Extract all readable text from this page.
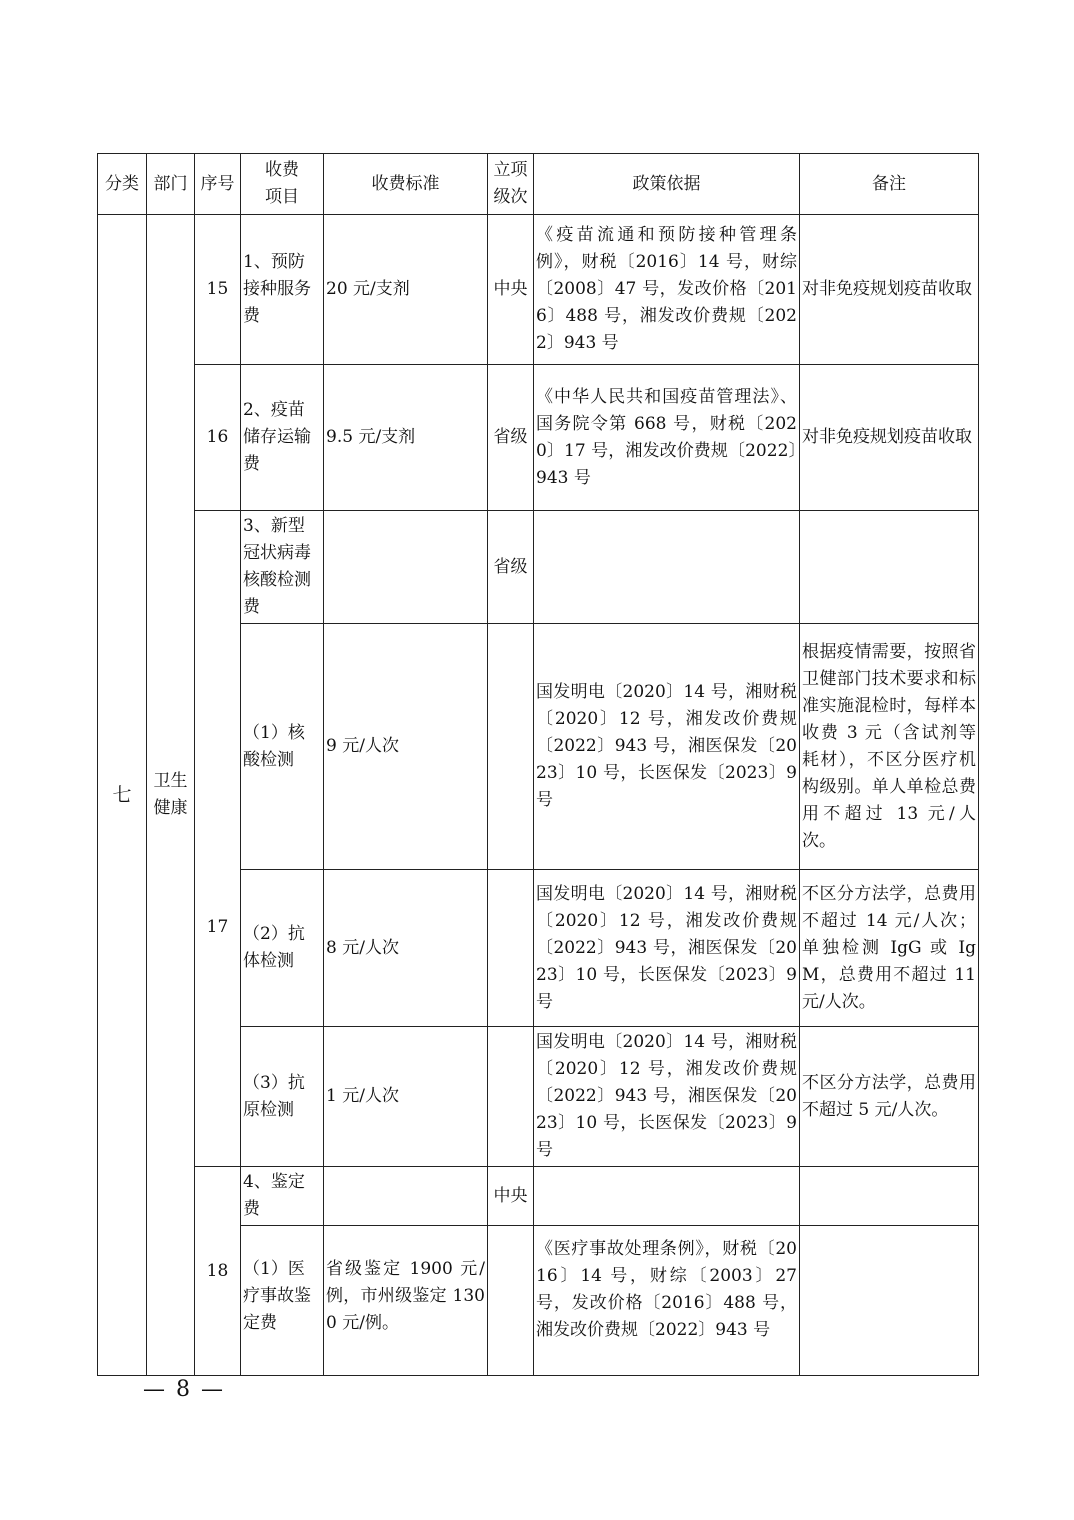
分类	部门	序号	收费项目	收费标准	立项级次	政策依据	备注
七	卫生健康	15	1、预防接种服务费	20 元/支剂	中央	《疫苗流通和预防接种管理条例》，财税〔2016〕14 号，财综〔2008〕47 号，发改价格〔2016〕488 号，湘发改价费规〔2022〕943 号	对非免疫规划疫苗收取
		16	2、疫苗储存运输费	9.5 元/支剂	省级	《中华人民共和国疫苗管理法》、国务院令第 668 号，财税〔2020〕17 号，湘发改价费规〔2022〕943 号	对非免疫规划疫苗收取
		17	3、新型冠状病毒核酸检测费		省级		
			（1）核酸检测	9 元/人次		国发明电〔2020〕14 号，湘财税〔2020〕12 号，湘发改价费规〔2022〕943 号，湘医保发〔2023〕10 号，长医保发〔2023〕9 号	根据疫情需要，按照省卫健部门技术要求和标准实施混检时，每样本收费 3 元（含试剂等耗材），不区分医疗机构级别。单人单检总费用不超过 13 元/人次。
			（2）抗体检测	8 元/人次		国发明电〔2020〕14 号，湘财税〔2020〕12 号，湘发改价费规〔2022〕943 号，湘医保发〔2023〕10 号，长医保发〔2023〕9 号	不区分方法学，总费用不超过 14 元/人次；单独检测 IgG 或 IgM，总费用不超过 11 元/人次。
			（3）抗原检测	1 元/人次		国发明电〔2020〕14 号，湘财税〔2020〕12 号，湘发改价费规〔2022〕943 号，湘医保发〔2023〕10 号，长医保发〔2023〕9 号	不区分方法学，总费用不超过 5 元/人次。
		18	4、鉴定费		中央		
			（1）医疗事故鉴定费	省级鉴定 1900 元/例，市州级鉴定 1300 元/例。		《医疗事故处理条例》，财税〔2016〕14 号，财综〔2003〕27 号，发改价格〔2016〕488 号，湘发改价费规〔2022〕943 号	
— 8 —
